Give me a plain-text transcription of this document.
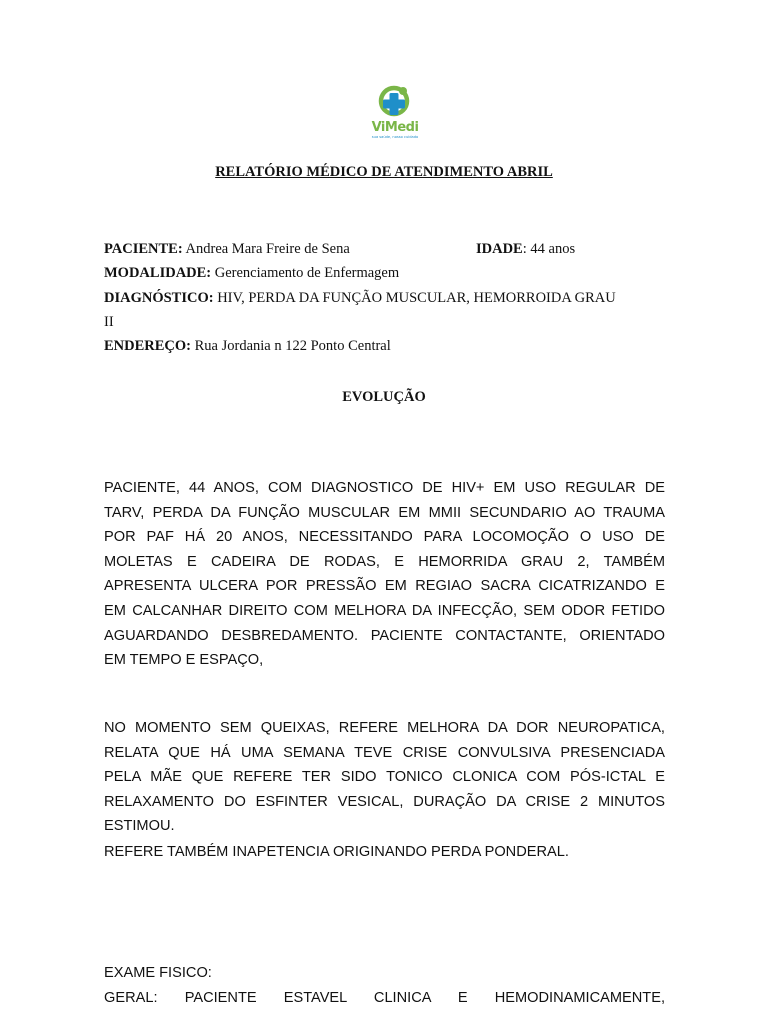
ViMedi
sua saúde, nosso cuidado
RELATÓRIO MÉDICO DE ATENDIMENTO ABRIL
PACIENTE: Andrea Mara Freire de Sena	IDADE: 44 anos
MODALIDADE: Gerenciamento de Enfermagem
DIAGNÓSTICO: HIV, PERDA DA FUNÇÃO MUSCULAR, HEMORROIDA GRAU
II
ENDEREÇO: Rua Jordania n 122 Ponto Central
EVOLUÇÃO
PACIENTE, 44 ANOS, COM DIAGNOSTICO DE HIV+ EM USO REGULAR DE
TARV, PERDA DA FUNÇÃO MUSCULAR EM MMII SECUNDARIO AO TRAUMA
POR PAF HÁ 20 ANOS, NECESSITANDO PARA LOCOMOÇÃO O USO DE
MOLETAS E CADEIRA DE RODAS, E HEMORRIDA GRAU 2, TAMBÉM
APRESENTA ULCERA POR PRESSÃO EM REGIAO SACRA CICATRIZANDO E
EM CALCANHAR DIREITO COM MELHORA DA INFECÇÃO, SEM ODOR FETIDO
AGUARDANDO DESBREDAMENTO. PACIENTE CONTACTANTE, ORIENTADO
EM TEMPO E ESPAÇO,
NO MOMENTO SEM QUEIXAS, REFERE MELHORA DA DOR NEUROPATICA,
RELATA QUE HÁ UMA SEMANA TEVE CRISE CONVULSIVA PRESENCIADA
PELA MÃE QUE REFERE TER SIDO TONICO CLONICA COM PÓS-ICTAL E
RELAXAMENTO DO ESFINTER VESICAL, DURAÇÃO DA CRISE 2 MINUTOS
ESTIMOU.
REFERE TAMBÉM INAPETENCIA ORIGINANDO PERDA PONDERAL.
EXAME FISICO:
GERAL: PACIENTE ESTAVEL CLINICA E HEMODINAMICAMENTE,
